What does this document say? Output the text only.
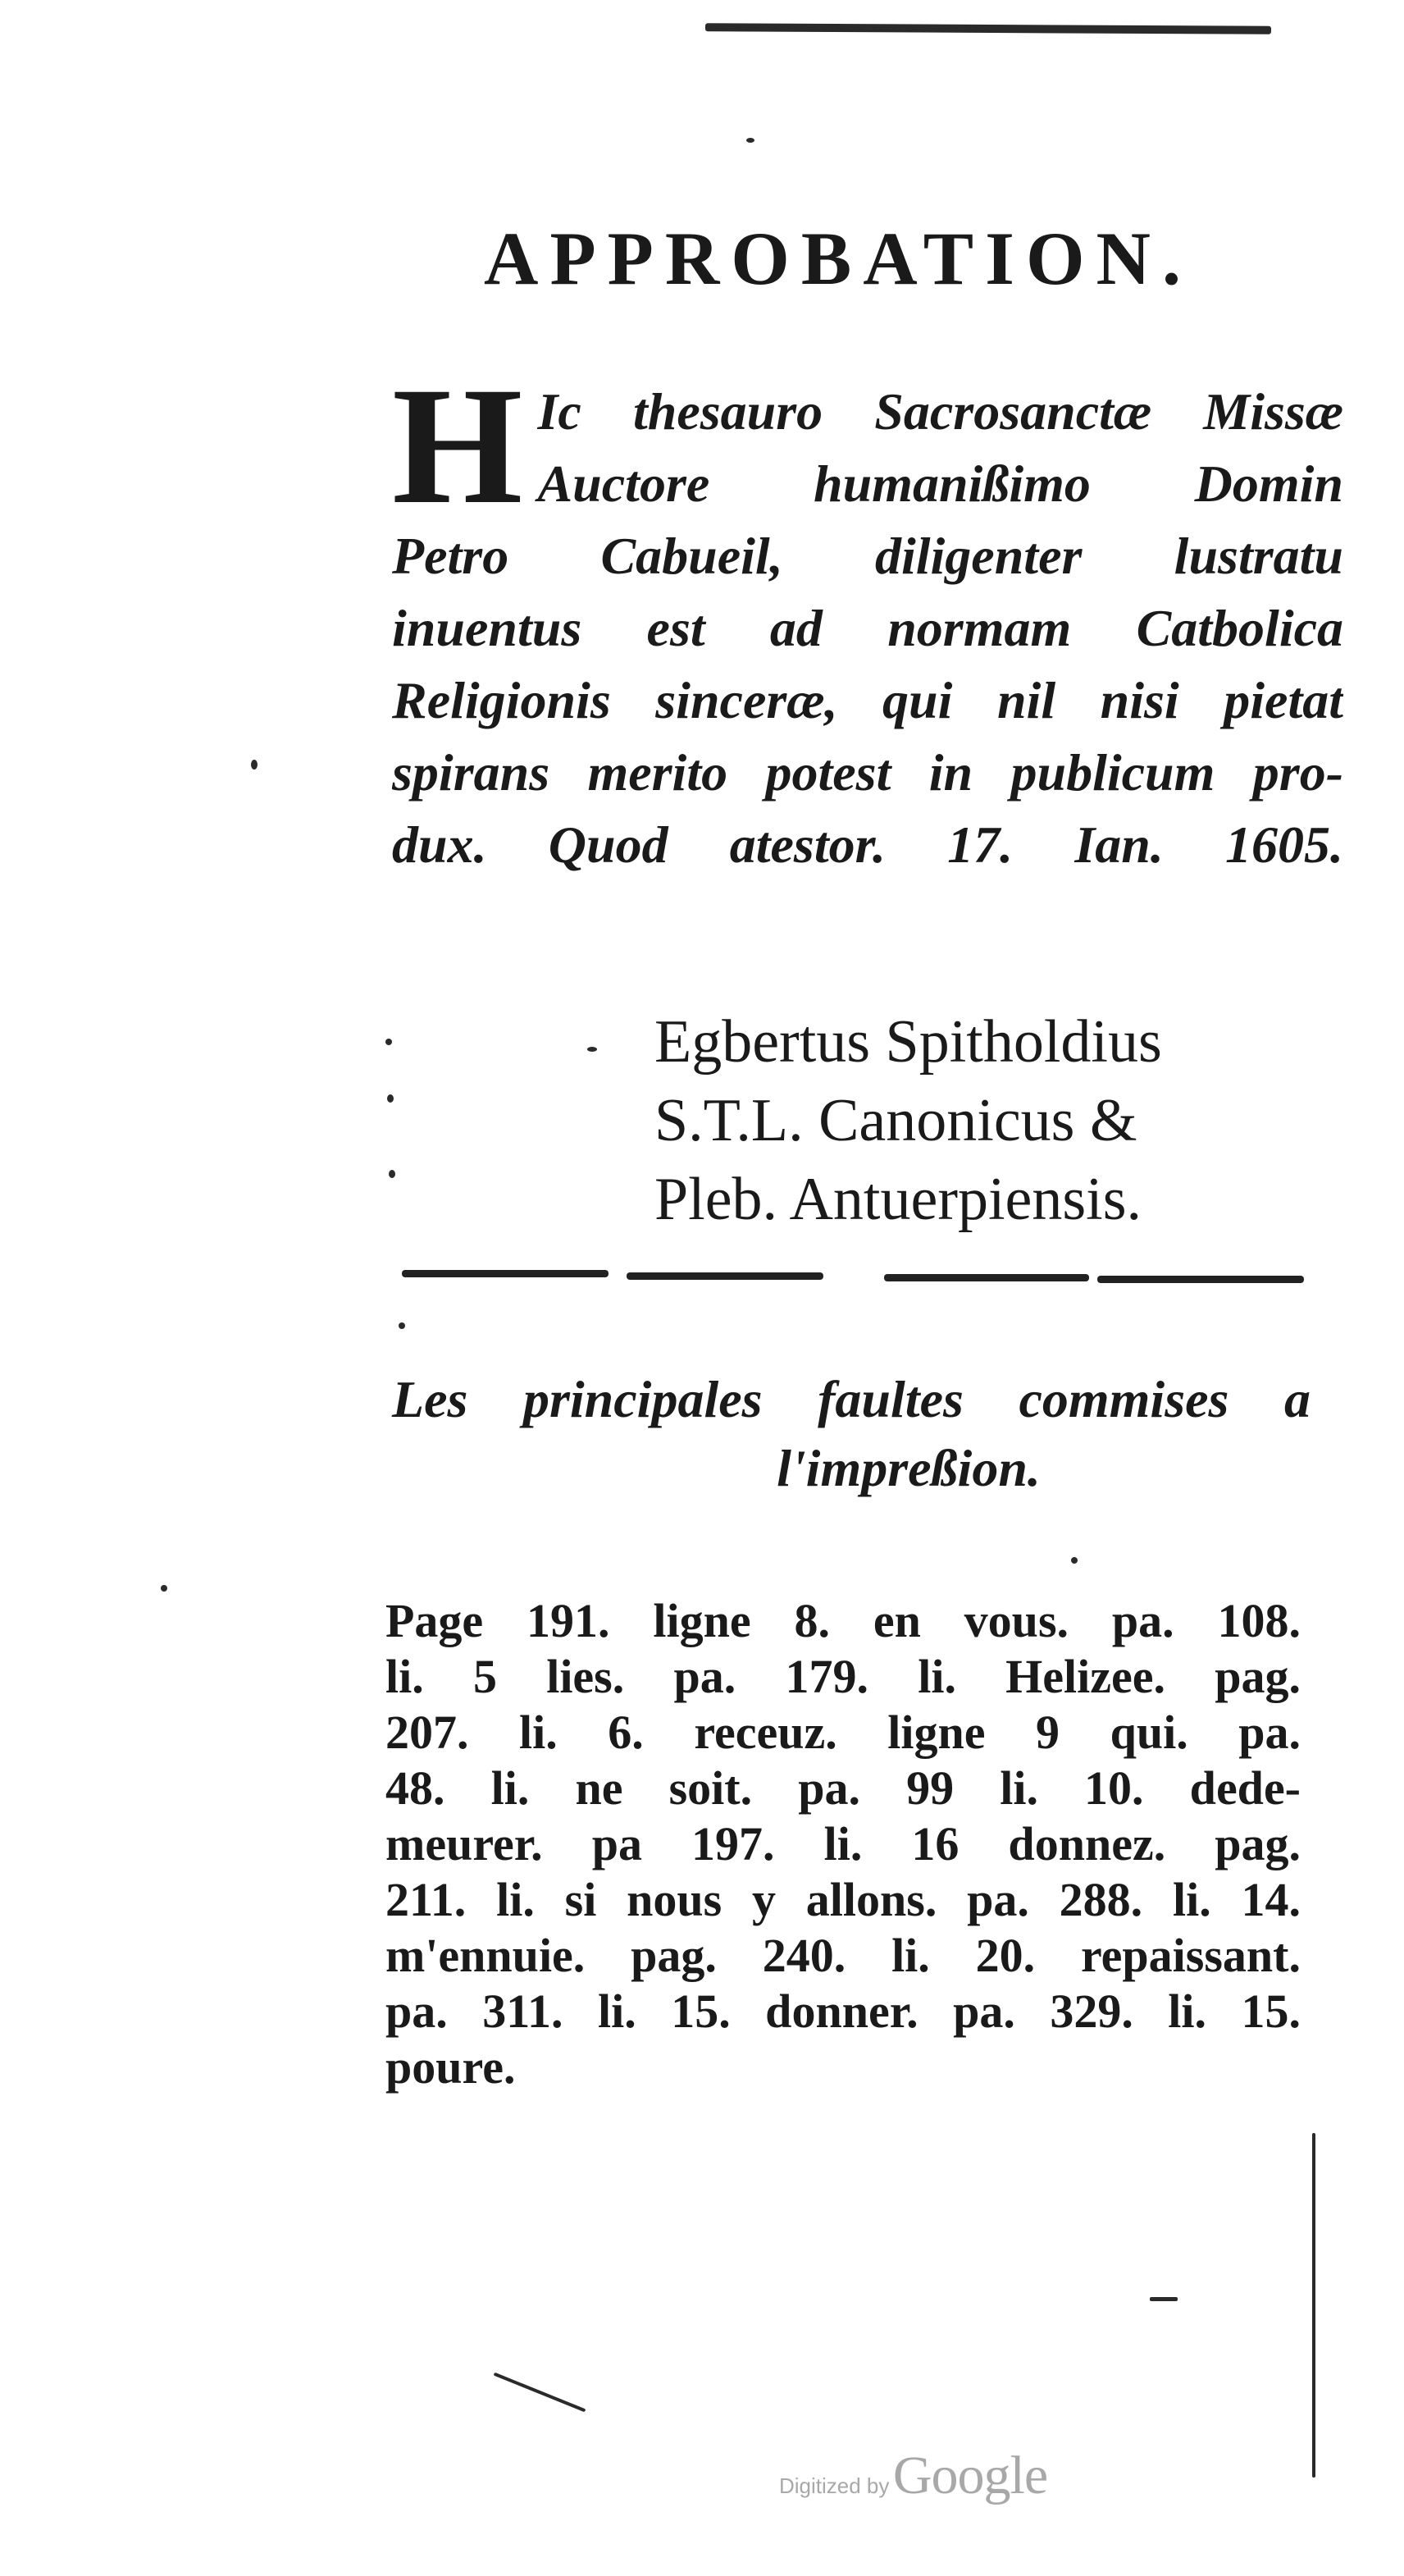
APPROBATION.
H Ic thesauro Sacrosanctæ Missæ
Auctore humanißimo Domin
Petro Cabueil, diligenter lustratu
inuentus est ad normam Catbolica
Religionis sinceræ, qui nil nisi pietat
spirans merito potest in publicum pro-
dux. Quod atestor. 17. Ian. 1605.
Egbertus Spitholdius
S.T.L. Canonicus &
Pleb. Antuerpiensis.
Les principales faultes commises a
l'impreßion.
Page 191. ligne 8. en vous. pa. 108.
li. 5 lies. pa. 179. li. Helizee. pag.
207. li. 6. receuz. ligne 9 qui. pa.
48. li. ne soit. pa. 99 li. 10. dede-
meurer. pa 197. li. 16 donnez. pag.
211. li. si nous y allons. pa. 288. li. 14.
m'ennuie. pag. 240. li. 20. repaissant.
pa. 311. li. 15. donner. pa. 329. li. 15.
poure.
Digitized by Google
